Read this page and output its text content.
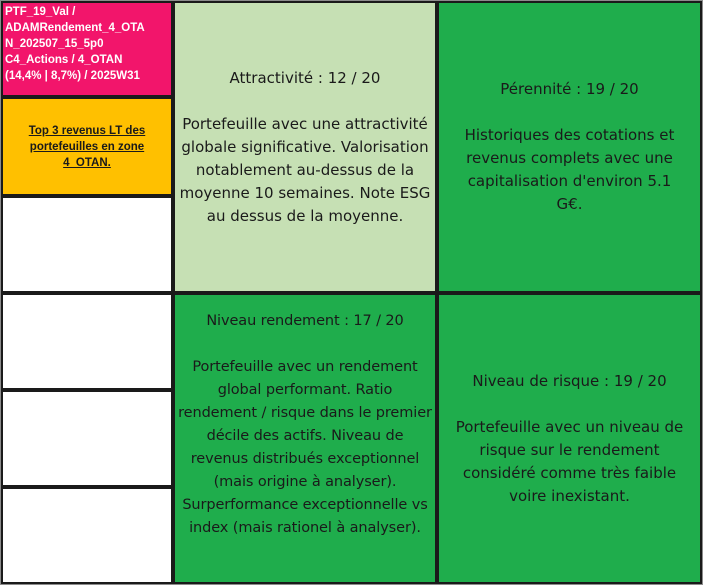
PTF_19_Val /
ADAMRendement_4_OTA
N_202507_15_5p0
C4_Actions / 4_OTAN
(14,4% | 8,7%) / 2025W31
Top 3 revenus LT des portefeuilles en zone 4_OTAN.
Attractivité : 12 / 20
Portefeuille avec une attractivité globale significative. Valorisation notablement au-dessus de la moyenne 10 semaines. Note ESG au dessus de la moyenne.
Pérennité : 19 / 20
Historiques des cotations et revenus complets avec une capitalisation d'environ 5.1 G€.
Niveau rendement : 17 / 20
Portefeuille avec un rendement global performant. Ratio rendement / risque dans le premier décile des actifs. Niveau de revenus distribués exceptionnel (mais origine à analyser). Surperformance exceptionnelle vs index (mais rationel à analyser).
Niveau de risque : 19 / 20
Portefeuille avec un niveau de risque sur le rendement considéré comme très faible voire inexistant.
